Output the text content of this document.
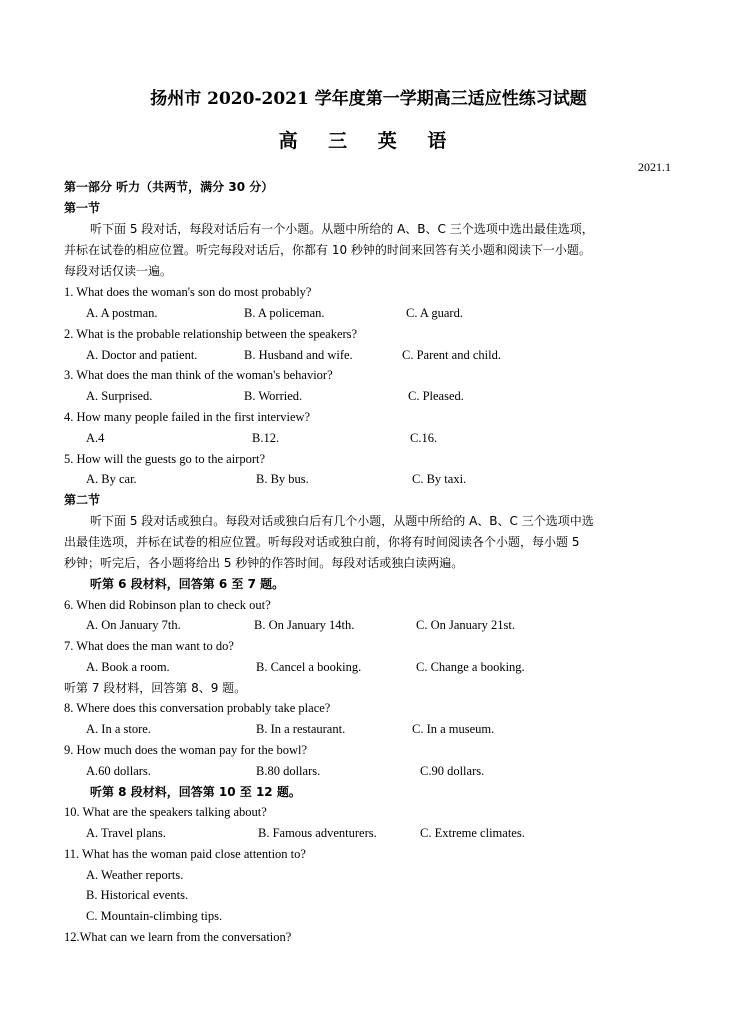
扬州市 2020-2021 学年度第一学期高三适应性练习试题
高 三 英 语
2021.1
第一部分 听力（共两节，满分 30 分）
第一节
听下面 5 段对话，每段对话后有一个小题。从题中所给的 A、B、C 三个选项中选出最佳选项，
并标在试卷的相应位置。听完每段对话后，你都有 10 秒钟的时间来回答有关小题和阅读下一小题。
每段对话仅读一遍。
1. What does the woman's son do most probably?
A. A postman.	B. A policeman.	C. A guard.
2. What is the probable relationship between the speakers?
A. Doctor and patient.	B. Husband and wife.	C. Parent and child.
3. What does the man think of the woman's behavior?
A. Surprised.	B. Worried.	C. Pleased.
4. How many people failed in the first interview?
A.4	B.12.	C.16.
5. How will the guests go to the airport?
A. By car.	B. By bus.	C. By taxi.
第二节
听下面 5 段对话或独白。每段对话或独白后有几个小题，从题中所给的 A、B、C 三个选项中选
出最佳选项，并标在试卷的相应位置。听每段对话或独白前，你将有时间阅读各个小题，每小题 5
秒钟；听完后，各小题将给出 5 秒钟的作答时间。每段对话或独白读两遍。
听第 6 段材料，回答第 6 至 7 题。
6. When did Robinson plan to check out?
A. On January 7th.	B. On January 14th.	C. On January 21st.
7. What does the man want to do?
A. Book a room.	B. Cancel a booking.	C. Change a booking.
听第 7 段材料，回答第 8、9 题。
8. Where does this conversation probably take place?
A. In a store.	B. In a restaurant.	C. In a museum.
9. How much does the woman pay for the bowl?
A.60 dollars.	B.80 dollars.	C.90 dollars.
听第 8 段材料，回答第 10 至 12 题。
10. What are the speakers talking about?
A. Travel plans.	B. Famous adventurers.	C. Extreme climates.
11. What has the woman paid close attention to?
A. Weather reports.
B. Historical events.
C. Mountain-climbing tips.
12.What can we learn from the conversation?
